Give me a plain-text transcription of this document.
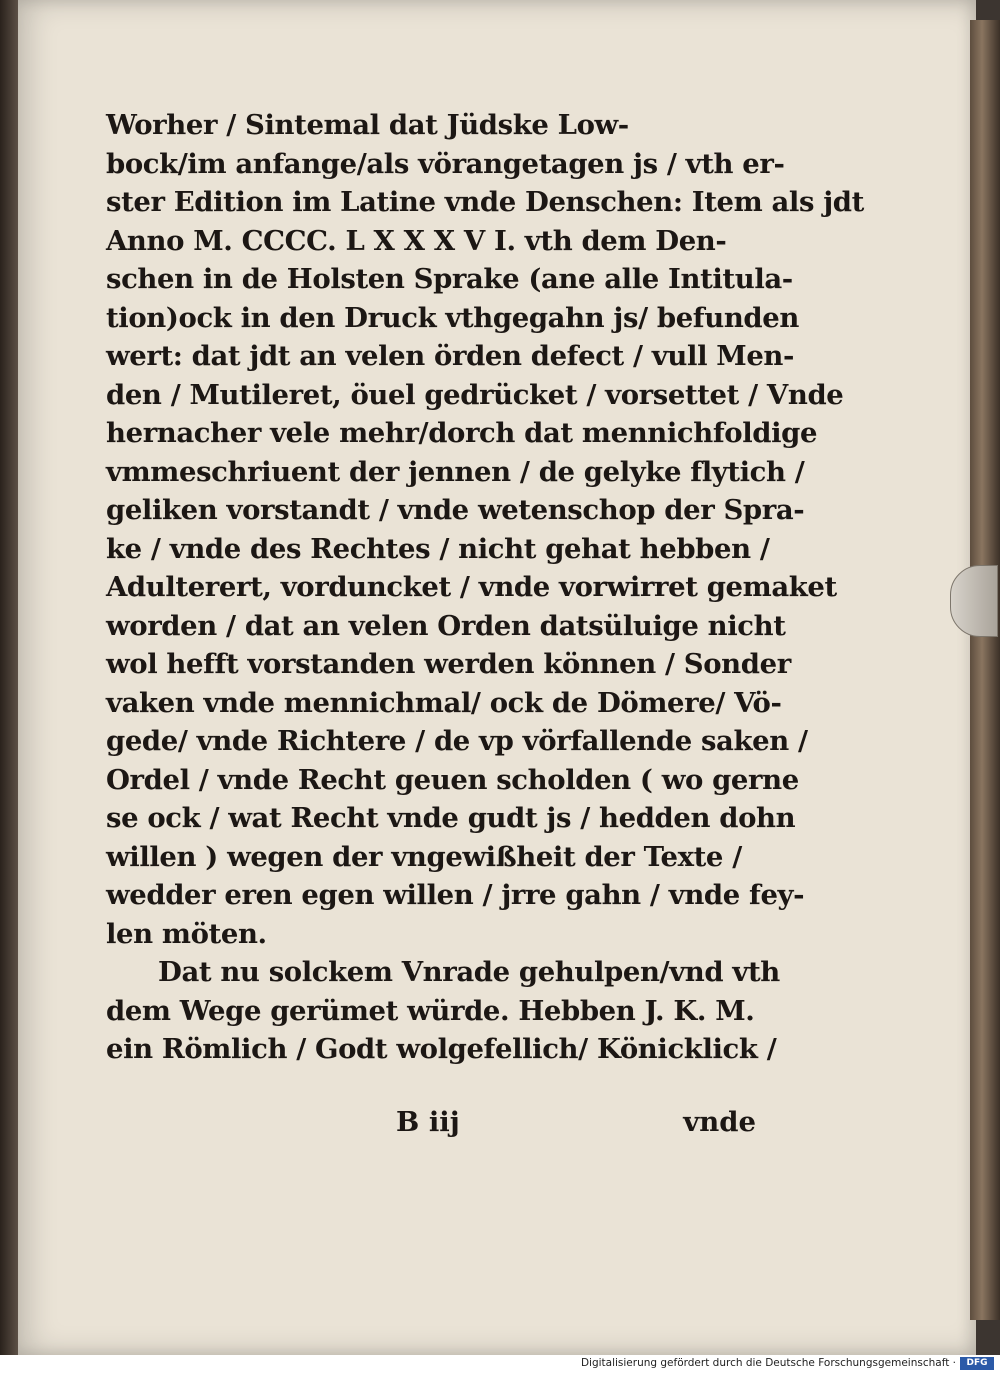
Worher / Sintemal dat Jüdske Low-
bock/im anfange/als vörangetagen js / vth er-
ster Edition im Latine vnde Denschen: Item als jdt
Anno M. CCCC. L X X X V I. vth dem Den-
schen in de Holsten Sprake (ane alle Intitula-
tion)ock in den Druck vthgegahn js/ befunden
wert: dat jdt an velen örden defect / vull Men-
den / Mutileret, öuel gedrücket / vorsettet / Vnde
hernacher vele mehr/dorch dat mennichfoldige
vmmeschriuent der jennen / de gelyke flytich /
geliken vorstandt / vnde wetenschop der Spra-
ke / vnde des Rechtes / nicht gehat hebben /
Adulterert, vorduncket / vnde vorwirret gemaket
worden / dat an velen Orden datsüluige nicht
wol hefft vorstanden werden können / Sonder
vaken vnde mennichmal/ ock de Dömere/ Vö-
gede/ vnde Richtere / de vp vörfallende saken /
Ordel / vnde Recht geuen scholden ( wo gerne
se ock / wat Recht vnde gudt js / hedden dohn
willen ) wegen der vngewißheit der Texte /
wedder eren egen willen / jrre gahn / vnde fey-
len möten.
Dat nu solckem Vnrade gehulpen/vnd vth
dem Wege gerümet würde. Hebben J. K. M.
ein Römlich / Godt wolgefellich/ Könicklick /
B iij	vnde
Digitalisierung gefördert durch die Deutsche Forschungsgemeinschaft ·	DFG
